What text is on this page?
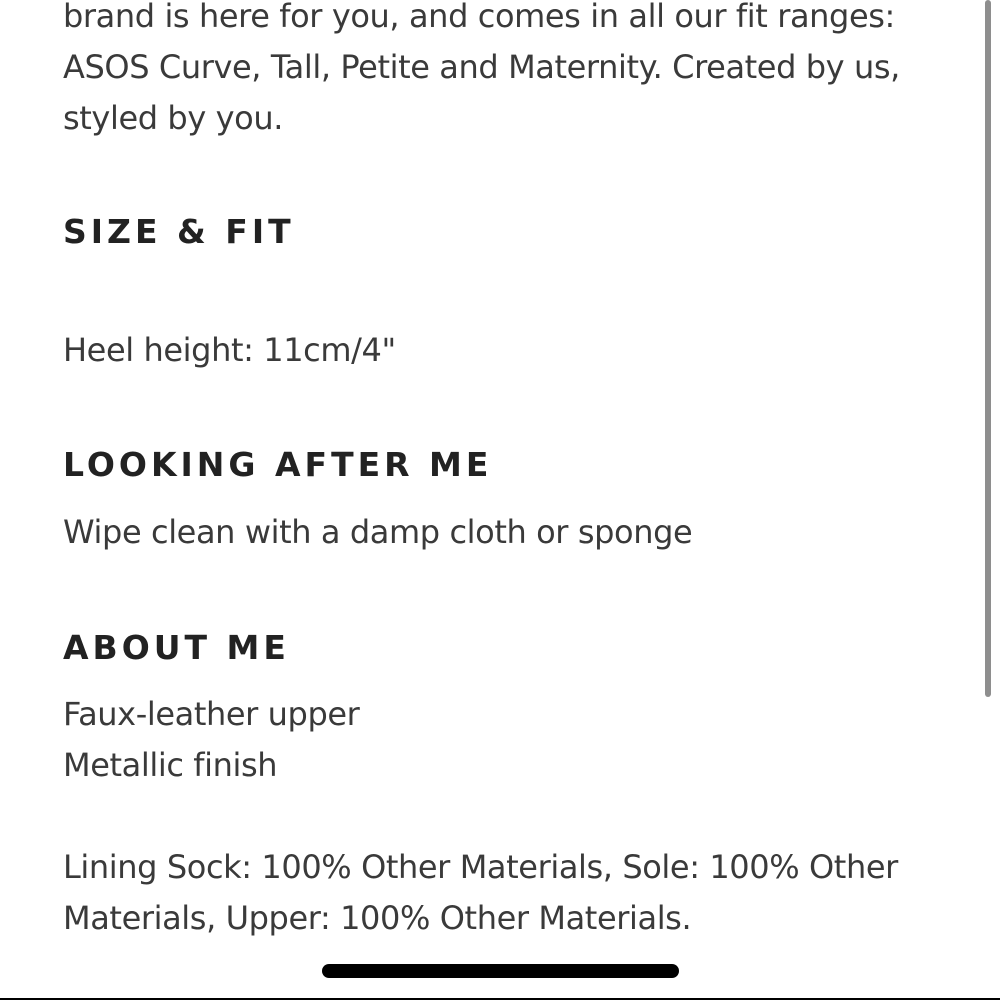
brand is here for you, and comes in all our fit ranges:
ASOS Curve, Tall, Petite and Maternity. Created by us,
styled by you.
SIZE & FIT

Heel height: 11cm/4"

LOOKING AFTER ME

Wipe clean with a damp cloth or sponge

ABOUT ME
Faux-leather upper
Metallic finish
Lining Sock: 100% Other Materials, Sole: 100% Other
Materials, Upper: 100% Other Materials.
